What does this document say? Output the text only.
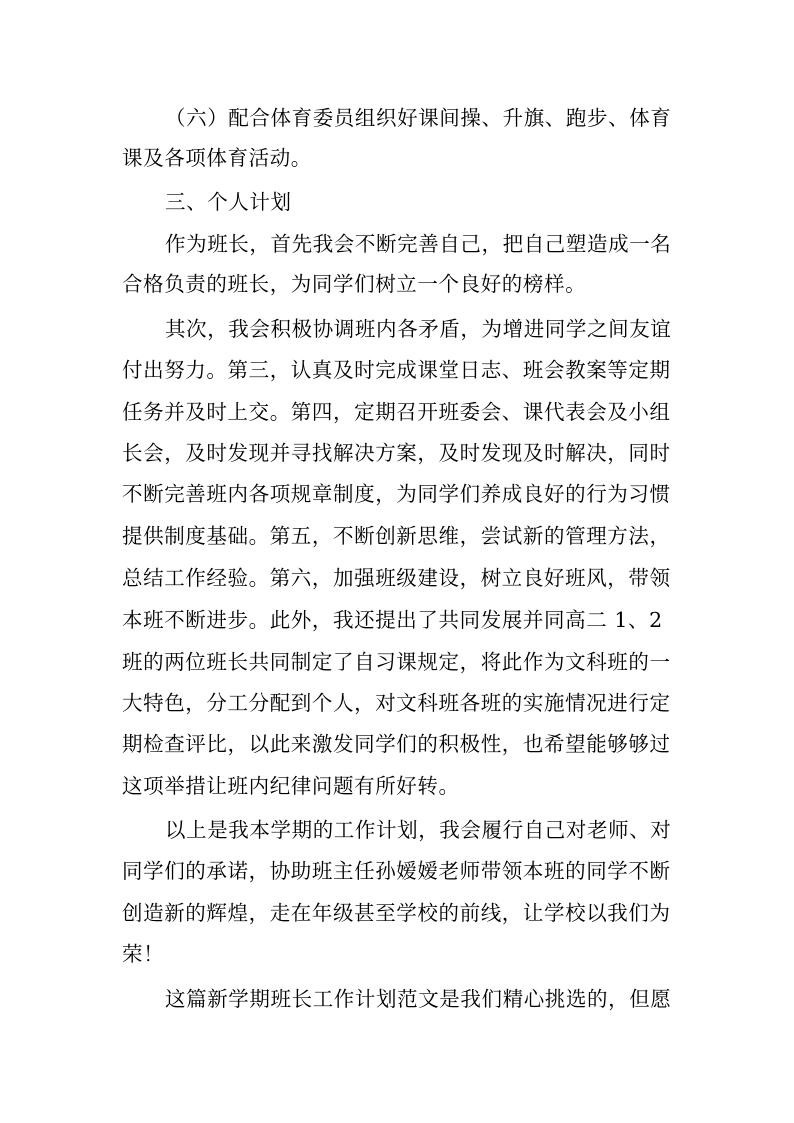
（六）配合体育委员组织好课间操、升旗、跑步、体育
课及各项体育活动。
三、个人计划
作为班长，首先我会不断完善自己，把自己塑造成一名
合格负责的班长，为同学们树立一个良好的榜样。
其次，我会积极协调班内各矛盾，为增进同学之间友谊
付出努力。第三，认真及时完成课堂日志、班会教案等定期
任务并及时上交。第四，定期召开班委会、课代表会及小组
长会，及时发现并寻找解决方案，及时发现及时解决，同时
不断完善班内各项规章制度，为同学们养成良好的行为习惯
提供制度基础。第五，不断创新思维，尝试新的管理方法，
总结工作经验。第六，加强班级建设，树立良好班风，带领
本班不断进步。此外，我还提出了共同发展并同高二 1、2
班的两位班长共同制定了自习课规定，将此作为文科班的一
大特色，分工分配到个人，对文科班各班的实施情况进行定
期检查评比，以此来激发同学们的积极性，也希望能够够过
这项举措让班内纪律问题有所好转。
以上是我本学期的工作计划，我会履行自己对老师、对
同学们的承诺，协助班主任孙嫒嫒老师带领本班的同学不断
创造新的辉煌，走在年级甚至学校的前线，让学校以我们为
荣！
这篇新学期班长工作计划范文是我们精心挑选的，但愿
